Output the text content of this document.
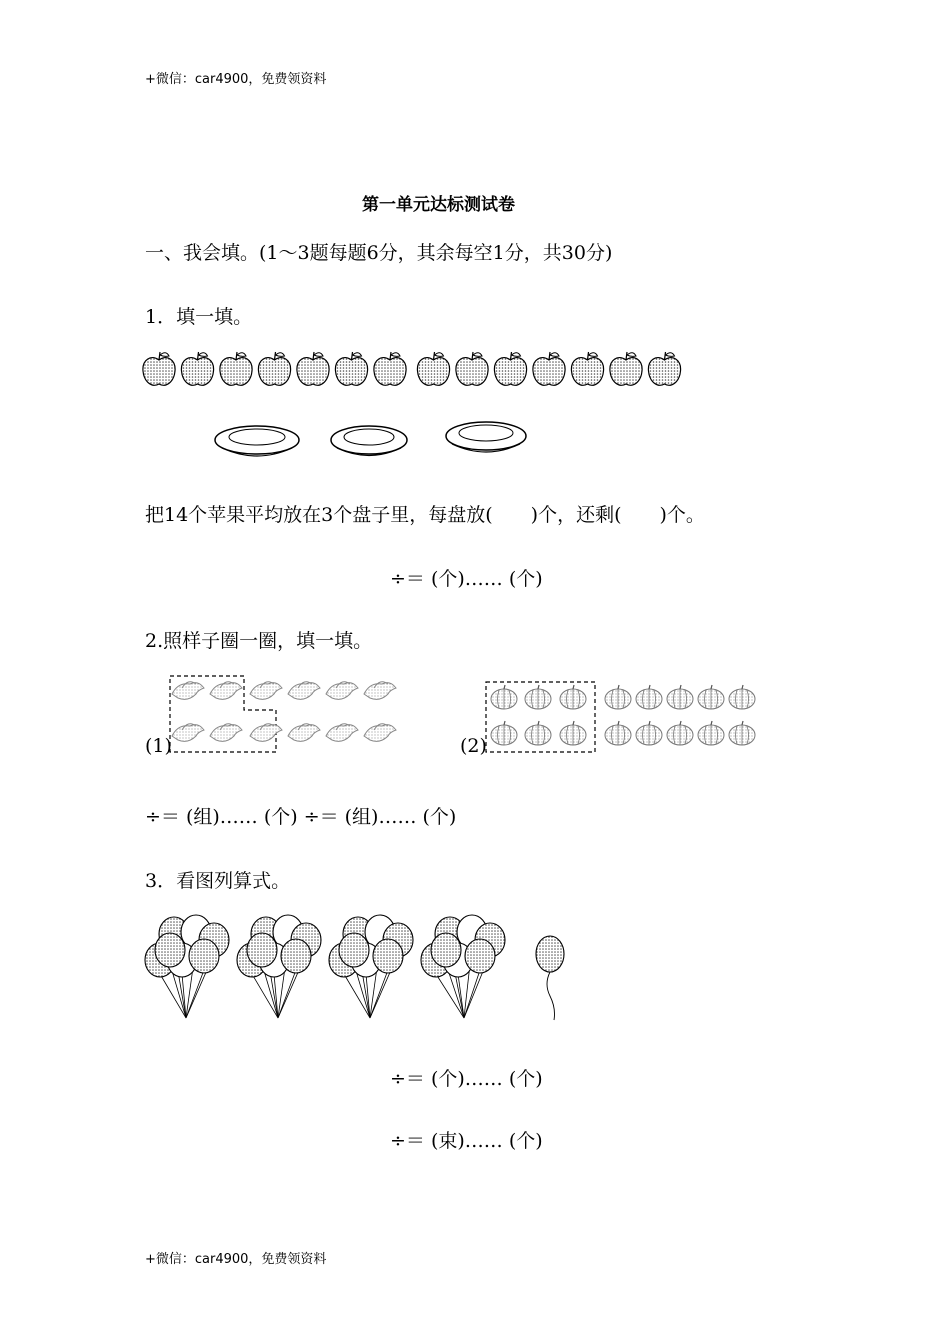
+微信：car4900，免费领资料
第一单元达标测试卷
一、我会填。(1～3题每题6分，其余每空1分，共30分)
1．填一填。
把14个苹果平均放在3个盘子里，每盘放(　　)个，还剩(　　)个。
÷＝ (个)…… (个)
2.照样子圈一圈，填一填。
(1)	(2)
÷＝ (组)…… (个) ÷＝ (组)…… (个)
3．看图列算式。
÷＝ (个)…… (个)
÷＝ (束)…… (个)
+微信：car4900，免费领资料
